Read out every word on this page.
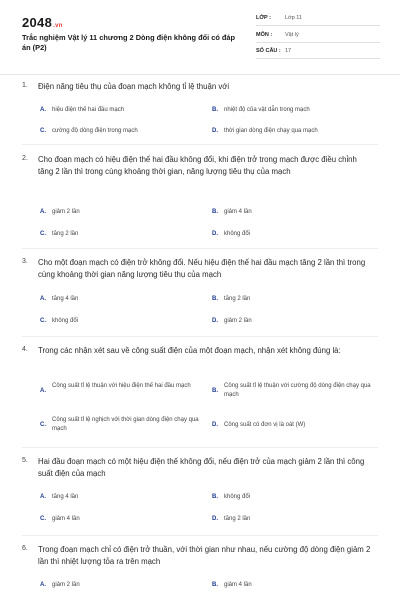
2048.vn
Trắc nghiệm Vật lý 11 chương 2 Dòng điện không đổi có đáp án (P2)
LỚP :	Lớp 11
MÔN : Vật lý
SỐ CÂU : 17
1. Điện năng tiêu thụ của đoạn mạch không tỉ lệ thuận với
A. hiệu điện thế hai đầu mạch	B. nhiệt độ của vật dẫn trong mạch
C. cường độ dòng điện trong mạch	D. thời gian dòng điện chạy qua mạch
2. Cho đoạn mạch có hiệu điện thế hai đầu không đổi, khi điện trở trong mạch được điều chỉnh tăng 2 lần thì trong cùng khoảng thời gian, năng lượng tiêu thụ của mạch
A. giảm 2 lần	B. giảm 4 lần
C. tăng 2 lần	D. không đổi
3. Cho một đoạn mạch có điện trở không đổi. Nếu hiệu điện thế hai đầu mạch tăng 2 lần thì trong cùng khoảng thời gian năng lượng tiêu thụ của mạch
A. tăng 4 lần	B. tăng 2 lần
C. không đổi	D. giảm 2 lần
4. Trong các nhận xét sau về công suất điện của một đoạn mạch, nhận xét không đúng là:
A.
Công suất tỉ lệ thuận với hiệu điện thế hai đầu mạch
B.
Công suất tỉ lệ thuận với cường độ dòng điện chạy qua mạch
C.
Công suất tỉ lệ nghịch với thời gian dòng điện chạy qua mạch
D. Công suất có đơn vị là oát (W)
5. Hai đầu đoạn mạch có một hiệu điện thế không đổi, nếu điện trở của mạch giảm 2 lần thì công suất điện của mạch
A. tăng 4 lần	B. không đổi
C. giảm 4 lần	D. tăng 2 lần
6. Trong đoạn mạch chỉ có điện trở thuần, với thời gian như nhau, nếu cường độ dòng điện giảm 2 lần thì nhiệt lượng tỏa ra trên mạch
A. giảm 2 lần	B. giảm 4 lần
